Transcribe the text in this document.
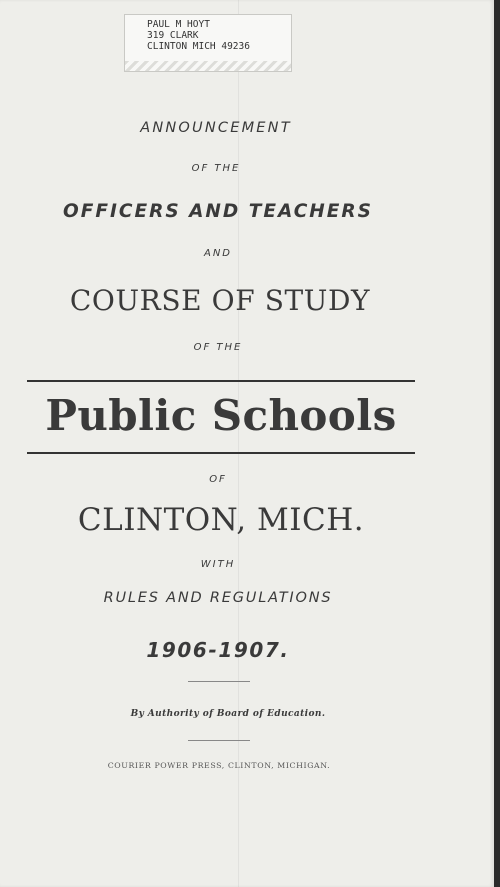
PAUL M HOYT
319 CLARK
CLINTON MICH 49236

ANNOUNCEMENT

OF THE

OFFICERS AND TEACHERS

AND

COURSE OF STUDY

OF THE

Public Schools

OF

CLINTON, MICH.

WITH

RULES AND REGULATIONS

1906-1907.

By Authority of Board of Education.

COURIER POWER PRESS, CLINTON, MICHIGAN.
